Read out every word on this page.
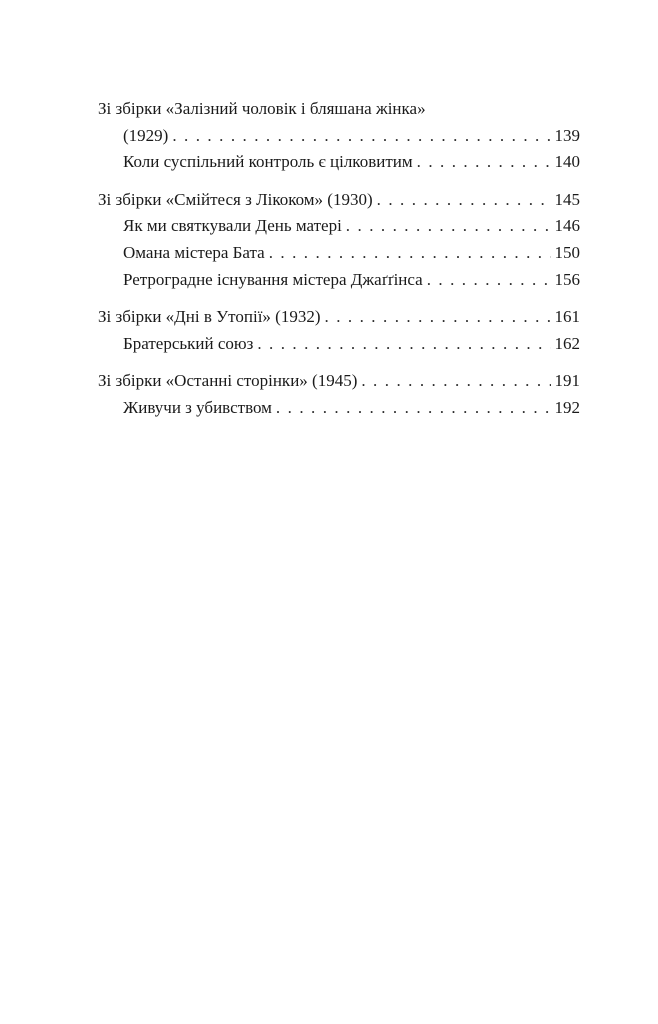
Зі збірки «Залізний чоловік і бляшана жінка»
(1929) . . .	139
Коли суспільний контроль є цілковитим . . .	140
Зі збірки «Смійтеся з Лікоком» (1930) . . .	145
Як ми святкували День матері . . .	146
Омана містера Бата . . .	150
Ретроградне існування містера Джаґґінса . . .	156
Зі збірки «Дні в Утопії» (1932) . . .	161
Братерський союз . . .	162
Зі збірки «Останні сторінки» (1945) . . .	191
Живучи з убивством . . .	192
